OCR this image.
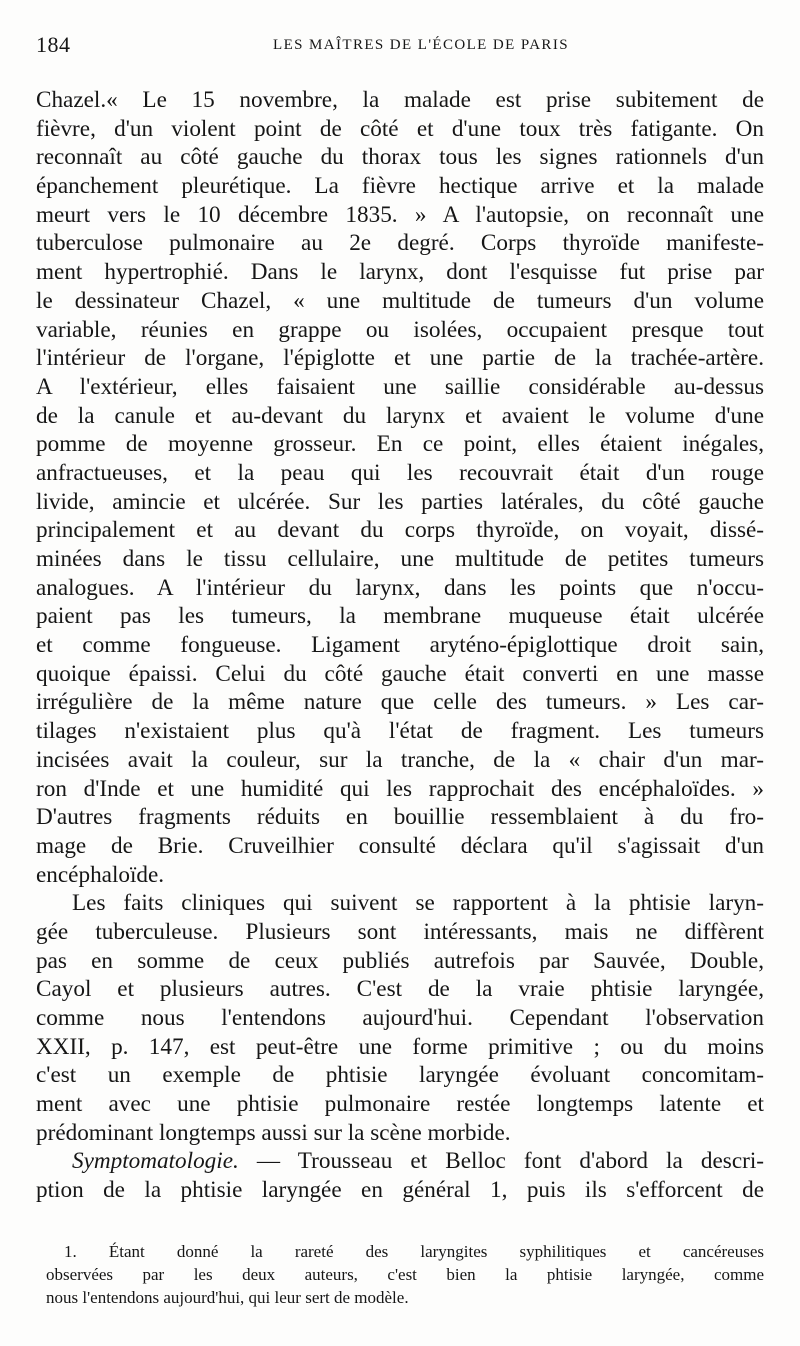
184	LES MAÎTRES DE L'ÉCOLE DE PARIS
Chazel.« Le 15 novembre, la malade est prise subitement de
fièvre, d'un violent point de côté et d'une toux très fatigante. On
reconnaît au côté gauche du thorax tous les signes rationnels d'un
épanchement pleurétique. La fièvre hectique arrive et la malade
meurt vers le 10 décembre 1835. » A l'autopsie, on reconnaît une
tuberculose pulmonaire au 2e degré. Corps thyroïde manifeste-
ment hypertrophié. Dans le larynx, dont l'esquisse fut prise par
le dessinateur Chazel, « une multitude de tumeurs d'un volume
variable, réunies en grappe ou isolées, occupaient presque tout
l'intérieur de l'organe, l'épiglotte et une partie de la trachée-artère.
A l'extérieur, elles faisaient une saillie considérable au-dessus
de la canule et au-devant du larynx et avaient le volume d'une
pomme de moyenne grosseur. En ce point, elles étaient inégales,
anfractueuses, et la peau qui les recouvrait était d'un rouge
livide, amincie et ulcérée. Sur les parties latérales, du côté gauche
principalement et au devant du corps thyroïde, on voyait, dissé-
minées dans le tissu cellulaire, une multitude de petites tumeurs
analogues. A l'intérieur du larynx, dans les points que n'occu-
paient pas les tumeurs, la membrane muqueuse était ulcérée
et comme fongueuse. Ligament aryténo-épiglottique droit sain,
quoique épaissi. Celui du côté gauche était converti en une masse
irrégulière de la même nature que celle des tumeurs. » Les car-
tilages n'existaient plus qu'à l'état de fragment. Les tumeurs
incisées avait la couleur, sur la tranche, de la « chair d'un mar-
ron d'Inde et une humidité qui les rapprochait des encéphaloïdes. »
D'autres fragments réduits en bouillie ressemblaient à du fro-
mage de Brie. Cruveilhier consulté déclara qu'il s'agissait d'un
encéphaloïde.
Les faits cliniques qui suivent se rapportent à la phtisie laryn-
gée tuberculeuse. Plusieurs sont intéressants, mais ne diffèrent
pas en somme de ceux publiés autrefois par Sauvée, Double,
Cayol et plusieurs autres. C'est de la vraie phtisie laryngée,
comme nous l'entendons aujourd'hui. Cependant l'observation
XXII, p. 147, est peut-être une forme primitive ; ou du moins
c'est un exemple de phtisie laryngée évoluant concomitam-
ment avec une phtisie pulmonaire restée longtemps latente et
prédominant longtemps aussi sur la scène morbide.
Symptomatologie. — Trousseau et Belloc font d'abord la descri-
ption de la phtisie laryngée en général 1, puis ils s'efforcent de
1. Étant donné la rareté des laryngites syphilitiques et cancéreuses
observées par les deux auteurs, c'est bien la phtisie laryngée, comme
nous l'entendons aujourd'hui, qui leur sert de modèle.
